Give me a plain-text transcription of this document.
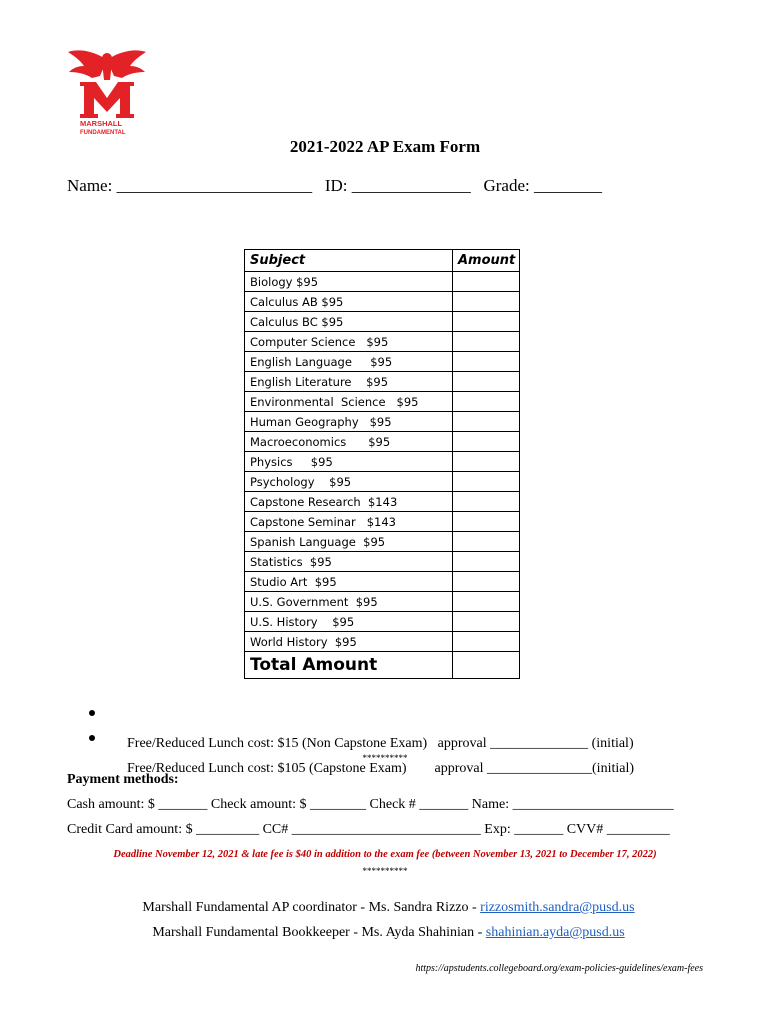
MARSHALL
FUNDAMENTAL
2021-2022 AP Exam Form
Name: _______________________   ID: ______________   Grade: ________
Subject	Amount
Biology $95	
Calculus AB $95	
Calculus BC $95	
Computer Science   $95	
English Language     $95	
English Literature    $95	
Environmental  Science   $95	
Human Geography   $95	
Macroeconomics      $95	
Physics     $95	
Psychology    $95	
Capstone Research  $143	
Capstone Seminar   $143	
Spanish Language  $95	
Statistics  $95	
Studio Art  $95	
U.S. Government  $95	
U.S. History    $95	
World History  $95	
Total Amount	

Free/Reduced Lunch cost: $15 (Non Capstone Exam)   approval ______________ (initial)

Free/Reduced Lunch cost: $105 (Capstone Exam)        approval _______________(initial)

**********
Payment methods:
Cash amount: $ _______ Check amount: $ ________ Check # _______ Name: _______________________
Credit Card amount: $ _________ CC# ___________________________ Exp: _______ CVV# _________
Deadline November 12, 2021 & late fee is $40 in addition to the exam fee (between November 13, 2021 to December 17, 2022)
**********

Marshall Fundamental AP coordinator - Ms. Sandra Rizzo - rizzosmith.sandra@pusd.us

Marshall Fundamental Bookkeeper - Ms. Ayda Shahinian - shahinian.ayda@pusd.us

https://apstudents.collegeboard.org/exam-policies-guidelines/exam-fees
